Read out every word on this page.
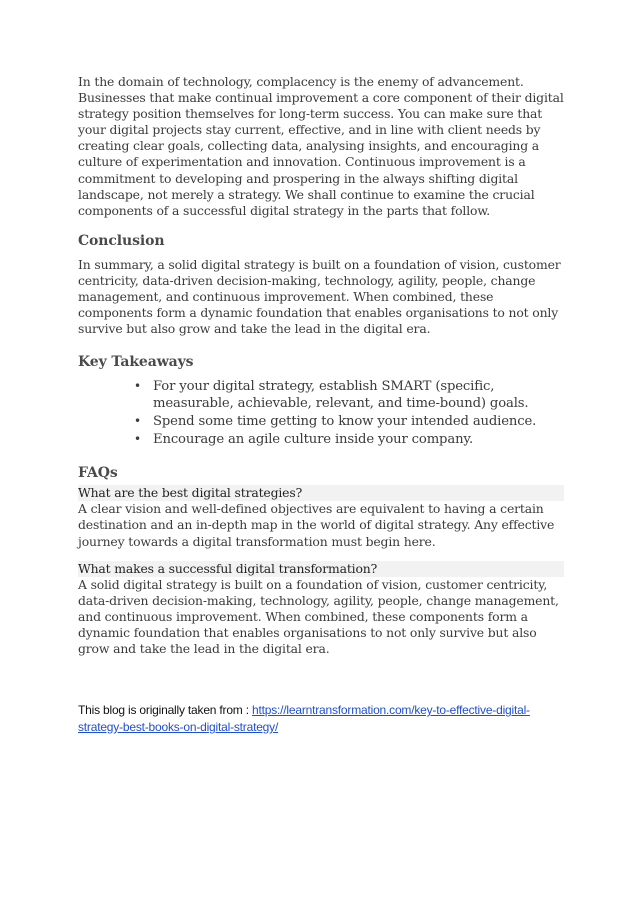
In the domain of technology, complacency is the enemy of advancement. Businesses that make continual improvement a core component of their digital strategy position themselves for long-term success. You can make sure that your digital projects stay current, effective, and in line with client needs by creating clear goals, collecting data, analysing insights, and encouraging a culture of experimentation and innovation. Continuous improvement is a commitment to developing and prospering in the always shifting digital landscape, not merely a strategy. We shall continue to examine the crucial components of a successful digital strategy in the parts that follow.

Conclusion

In summary, a solid digital strategy is built on a foundation of vision, customer centricity, data-driven decision-making, technology, agility, people, change management, and continuous improvement. When combined, these components form a dynamic foundation that enables organisations to not only survive but also grow and take the lead in the digital era.

Key Takeaways
• For your digital strategy, establish SMART (specific, measurable, achievable, relevant, and time-bound) goals.
• Spend some time getting to know your intended audience.
• Encourage an agile culture inside your company.
FAQs
What are the best digital strategies?

A clear vision and well-defined objectives are equivalent to having a certain destination and an in-depth map in the world of digital strategy. Any effective journey towards a digital transformation must begin here.

What makes a successful digital transformation?

A solid digital strategy is built on a foundation of vision, customer centricity, data-driven decision-making, technology, agility, people, change management, and continuous improvement. When combined, these components form a dynamic foundation that enables organisations to not only survive but also grow and take the lead in the digital era.

This blog is originally taken from : https://learntransformation.com/key-to-effective-digital-strategy-best-books-on-digital-strategy/
